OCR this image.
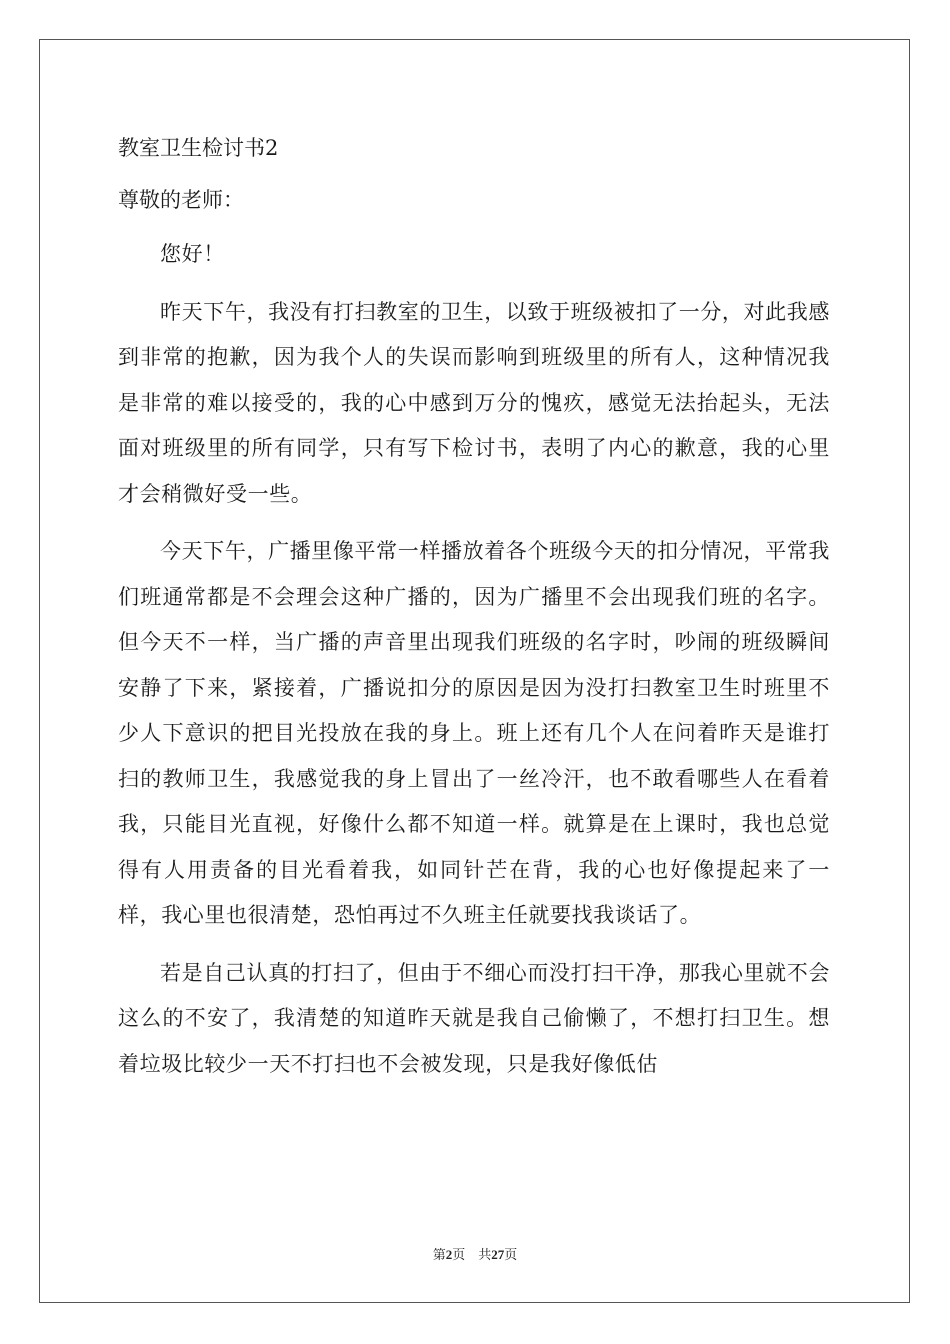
教室卫生检讨书2
尊敬的老师：
您好！

昨天下午，我没有打扫教室的卫生，以致于班级被扣了一分，对此我感到非常的抱歉，因为我个人的失误而影响到班级里的所有人，这种情况我是非常的难以接受的，我的心中感到万分的愧疚，感觉无法抬起头，无法面对班级里的所有同学，只有写下检讨书，表明了内心的歉意，我的心里才会稍微好受一些。

今天下午，广播里像平常一样播放着各个班级今天的扣分情况，平常我们班通常都是不会理会这种广播的，因为广播里不会出现我们班的名字。但今天不一样，当广播的声音里出现我们班级的名字时，吵闹的班级瞬间安静了下来，紧接着，广播说扣分的原因是因为没打扫教室卫生时班里不少人下意识的把目光投放在我的身上。班上还有几个人在问着昨天是谁打扫的教师卫生，我感觉我的身上冒出了一丝冷汗，也不敢看哪些人在看着我，只能目光直视，好像什么都不知道一样。就算是在上课时，我也总觉得有人用责备的目光看着我，如同针芒在背，我的心也好像提起来了一样，我心里也很清楚，恐怕再过不久班主任就要找我谈话了。

若是自己认真的打扫了，但由于不细心而没打扫干净，那我心里就不会这么的不安了，我清楚的知道昨天就是我自己偷懒了，不想打扫卫生。想着垃圾比较少一天不打扫也不会被发现，只是我好像低估

第2页　共27页
